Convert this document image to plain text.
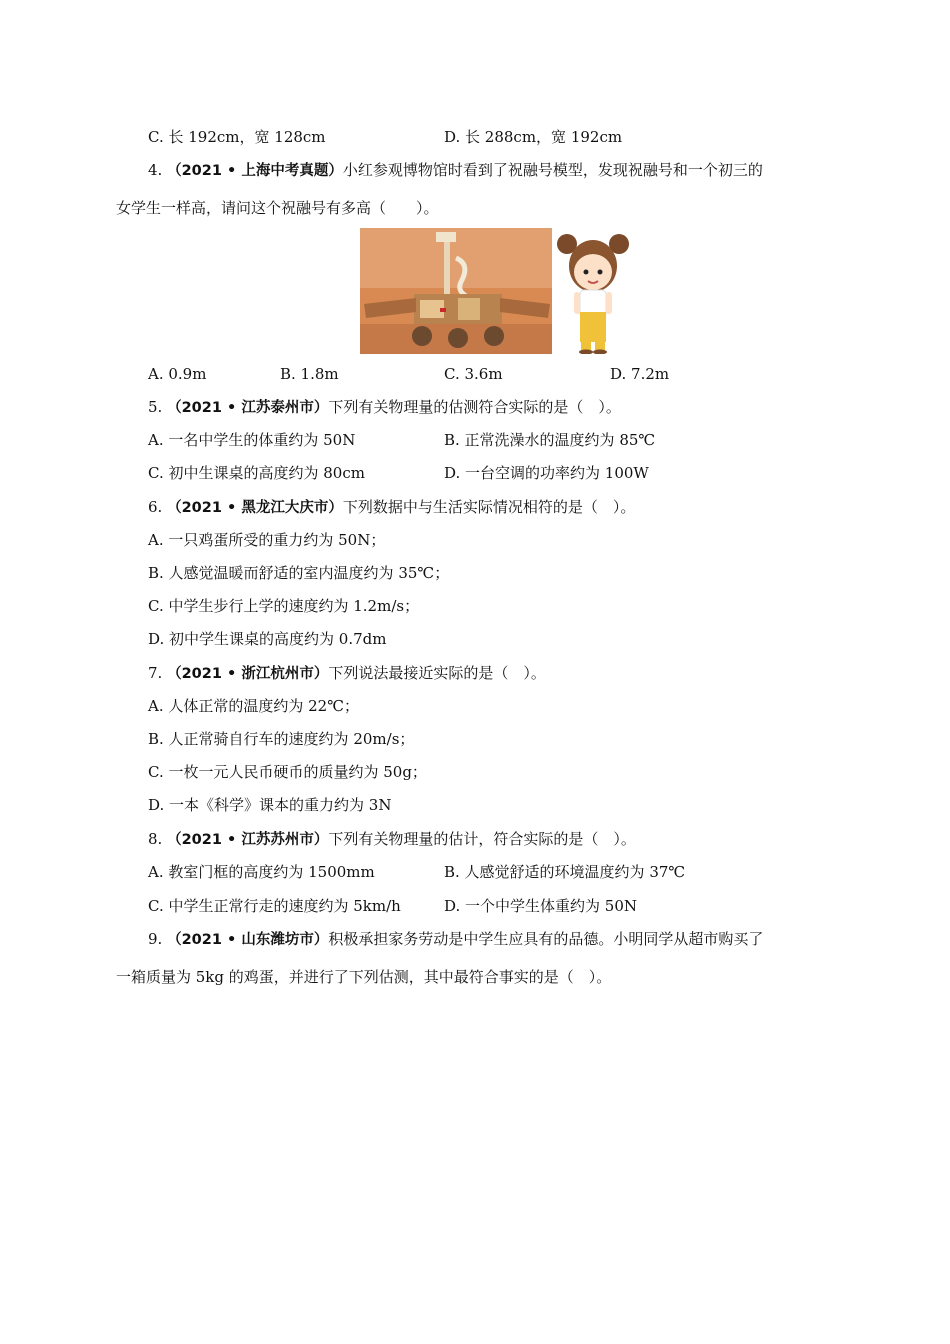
C. 长 192cm，宽 128cm	D. 长 288cm，宽 192cm
4. （2021 • 上海中考真题）小红参观博物馆时看到了祝融号模型，发现祝融号和一个初三的
女学生一样高，请问这个祝融号有多高（　　）。
A. 0.9m	B. 1.8m	C. 3.6m	D. 7.2m
5. （2021 • 江苏泰州市）下列有关物理量的估测符合实际的是（　）。
A. 一名中学生的体重约为 50N	B. 正常洗澡水的温度约为 85℃
C. 初中生课桌的高度约为 80cm	D. 一台空调的功率约为 100W
6. （2021 • 黑龙江大庆市）下列数据中与生活实际情况相符的是（　）。
A. 一只鸡蛋所受的重力约为 50N；
B. 人感觉温暖而舒适的室内温度约为 35℃；
C. 中学生步行上学的速度约为 1.2m/s；
D. 初中学生课桌的高度约为 0.7dm
7. （2021 • 浙江杭州市）下列说法最接近实际的是（　）。
A. 人体正常的温度约为 22℃；
B. 人正常骑自行车的速度约为 20m/s；
C. 一枚一元人民币硬币的质量约为 50g；
D. 一本《科学》课本的重力约为 3N
8. （2021 • 江苏苏州市）下列有关物理量的估计，符合实际的是（　）。
A. 教室门框的高度约为 1500mm	B. 人感觉舒适的环境温度约为 37℃
C. 中学生正常行走的速度约为 5km/h	D. 一个中学生体重约为 50N
9. （2021 • 山东潍坊市）积极承担家务劳动是中学生应具有的品德。小明同学从超市购买了
一箱质量为 5kg 的鸡蛋，并进行了下列估测，其中最符合事实的是（　）。
